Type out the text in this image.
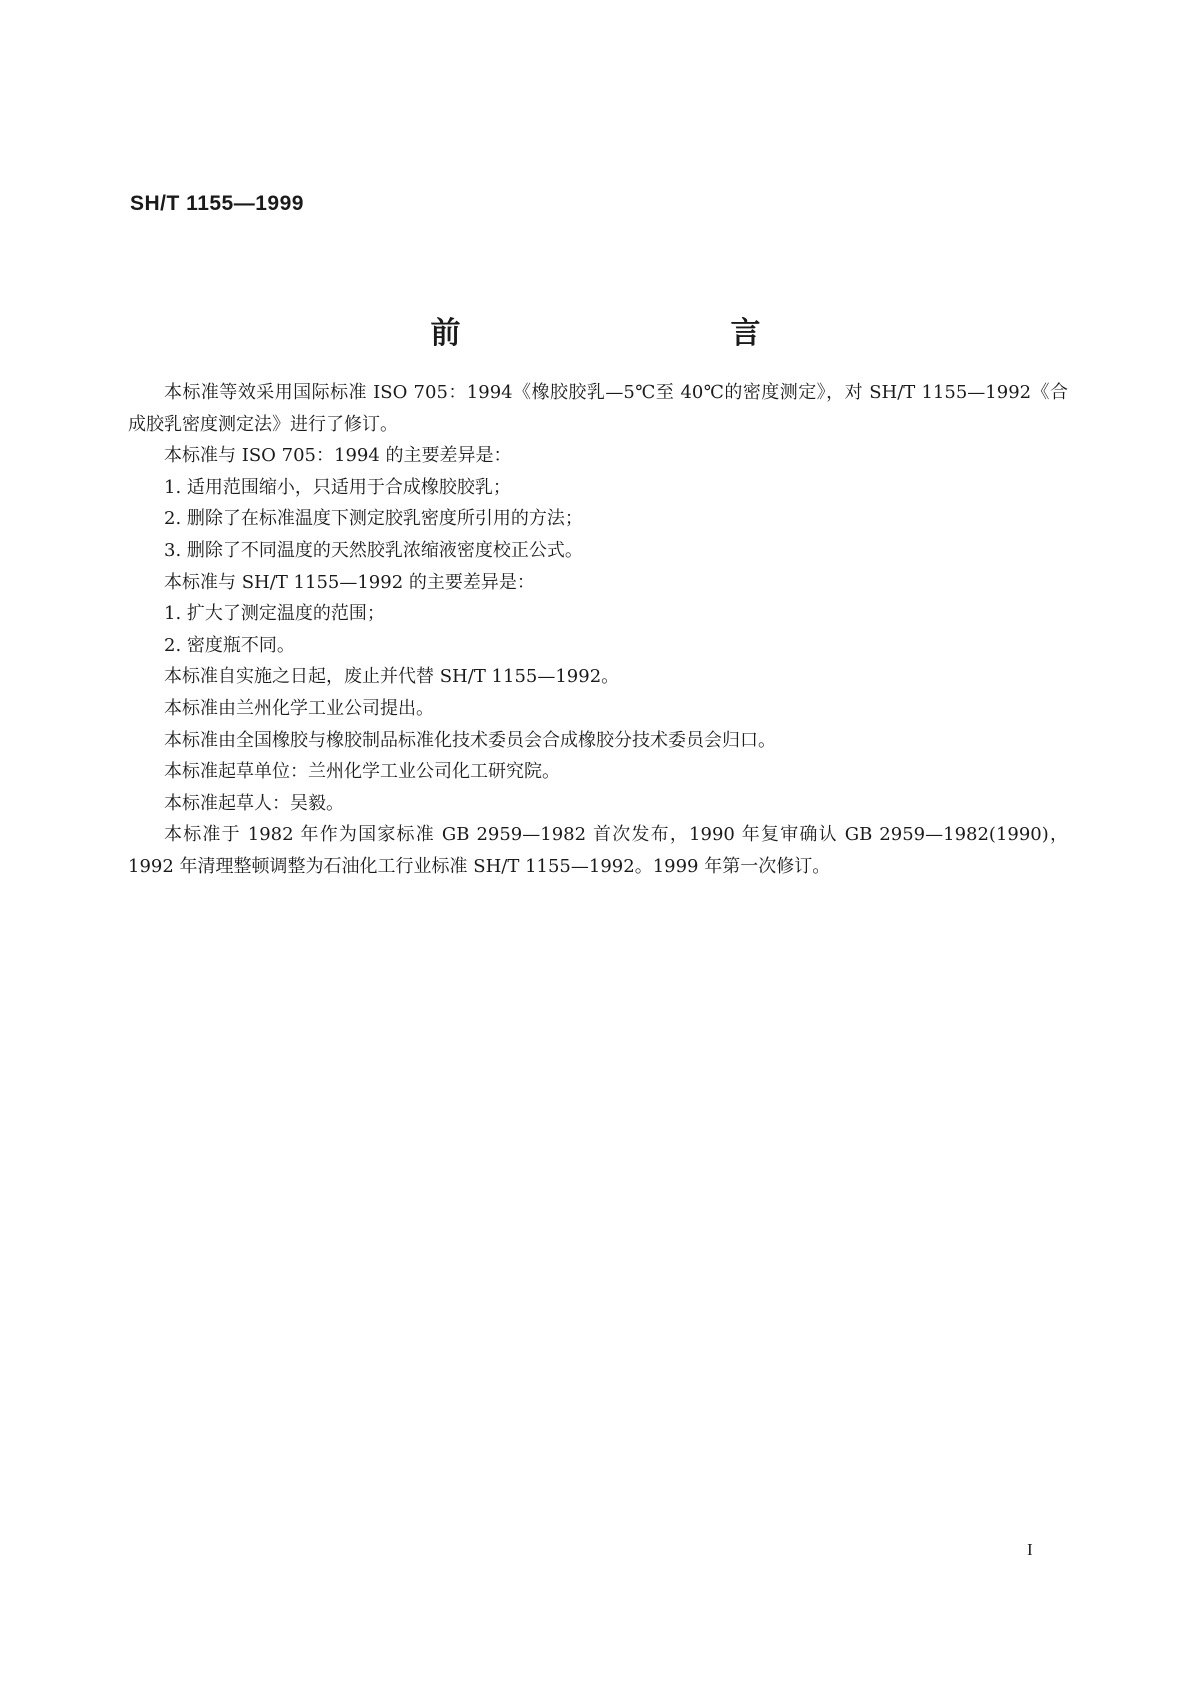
SH/T 1155—1999
前　　言

本标准等效采用国际标准 ISO 705：1994《橡胶胶乳—5℃至 40℃的密度测定》，对 SH/T 1155—1992《合成胶乳密度测定法》进行了修订。

本标准与 ISO 705：1994 的主要差异是：

1. 适用范围缩小，只适用于合成橡胶胶乳；

2. 删除了在标准温度下测定胶乳密度所引用的方法；

3. 删除了不同温度的天然胶乳浓缩液密度校正公式。

本标准与 SH/T 1155—1992 的主要差异是：

1. 扩大了测定温度的范围；

2. 密度瓶不同。

本标准自实施之日起，废止并代替 SH/T 1155—1992。

本标准由兰州化学工业公司提出。

本标准由全国橡胶与橡胶制品标准化技术委员会合成橡胶分技术委员会归口。

本标准起草单位：兰州化学工业公司化工研究院。

本标准起草人：吴毅。

本标准于 1982 年作为国家标准 GB 2959—1982 首次发布，1990 年复审确认 GB 2959—1982(1990)，1992 年清理整顿调整为石油化工行业标准 SH/T 1155—1992。1999 年第一次修订。

I
